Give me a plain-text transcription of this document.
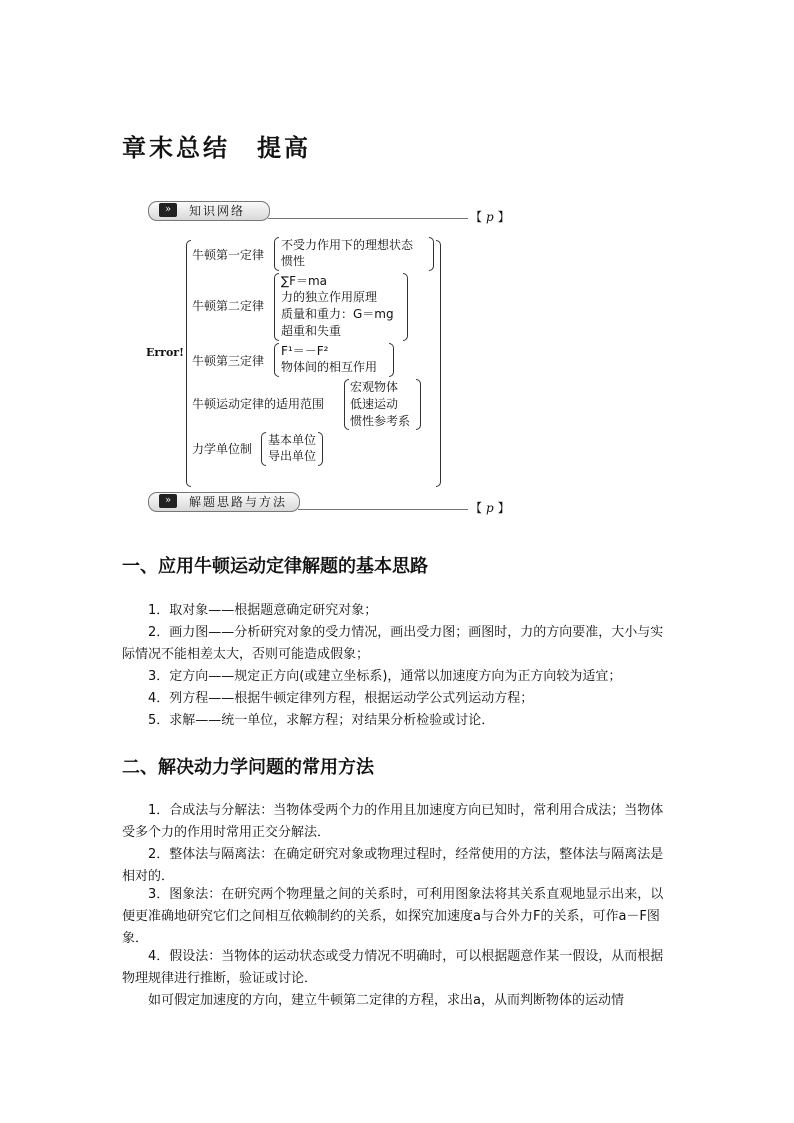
章末总结　提高
»	知识网络	【 p 】
Error!
牛顿第一定律
不受力作用下的理想状态
惯性
牛顿第二定律
∑F＝ma
力的独立作用原理
质量和重力：G＝mg
超重和失重
牛顿第三定律
F¹＝－F²
物体间的相互作用
牛顿运动定律的适用范围
宏观物体
低速运动
惯性参考系
力学单位制
基本单位
导出单位
»	解题思路与方法	【 p 】
一、应用牛顿运动定律解题的基本思路
1．取对象——根据题意确定研究对象；
2．画力图——分析研究对象的受力情况，画出受力图；画图时，力的方向要准，大小与实际情况不能相差太大，否则可能造成假象；
3．定方向——规定正方向(或建立坐标系)，通常以加速度方向为正方向较为适宜；
4．列方程——根据牛顿定律列方程，根据运动学公式列运动方程；
5．求解——统一单位，求解方程；对结果分析检验或讨论．
二、解决动力学问题的常用方法
1．合成法与分解法：当物体受两个力的作用且加速度方向已知时，常利用合成法；当物体受多个力的作用时常用正交分解法．
2．整体法与隔离法：在确定研究对象或物理过程时，经常使用的方法，整体法与隔离法是相对的．
3．图象法：在研究两个物理量之间的关系时，可利用图象法将其关系直观地显示出来，以便更准确地研究它们之间相互依赖制约的关系，如探究加速度a与合外力F的关系，可作a－F图象．
4．假设法：当物体的运动状态或受力情况不明确时，可以根据题意作某一假设，从而根据物理规律进行推断，验证或讨论．
如可假定加速度的方向，建立牛顿第二定律的方程，求出a，从而判断物体的运动情
